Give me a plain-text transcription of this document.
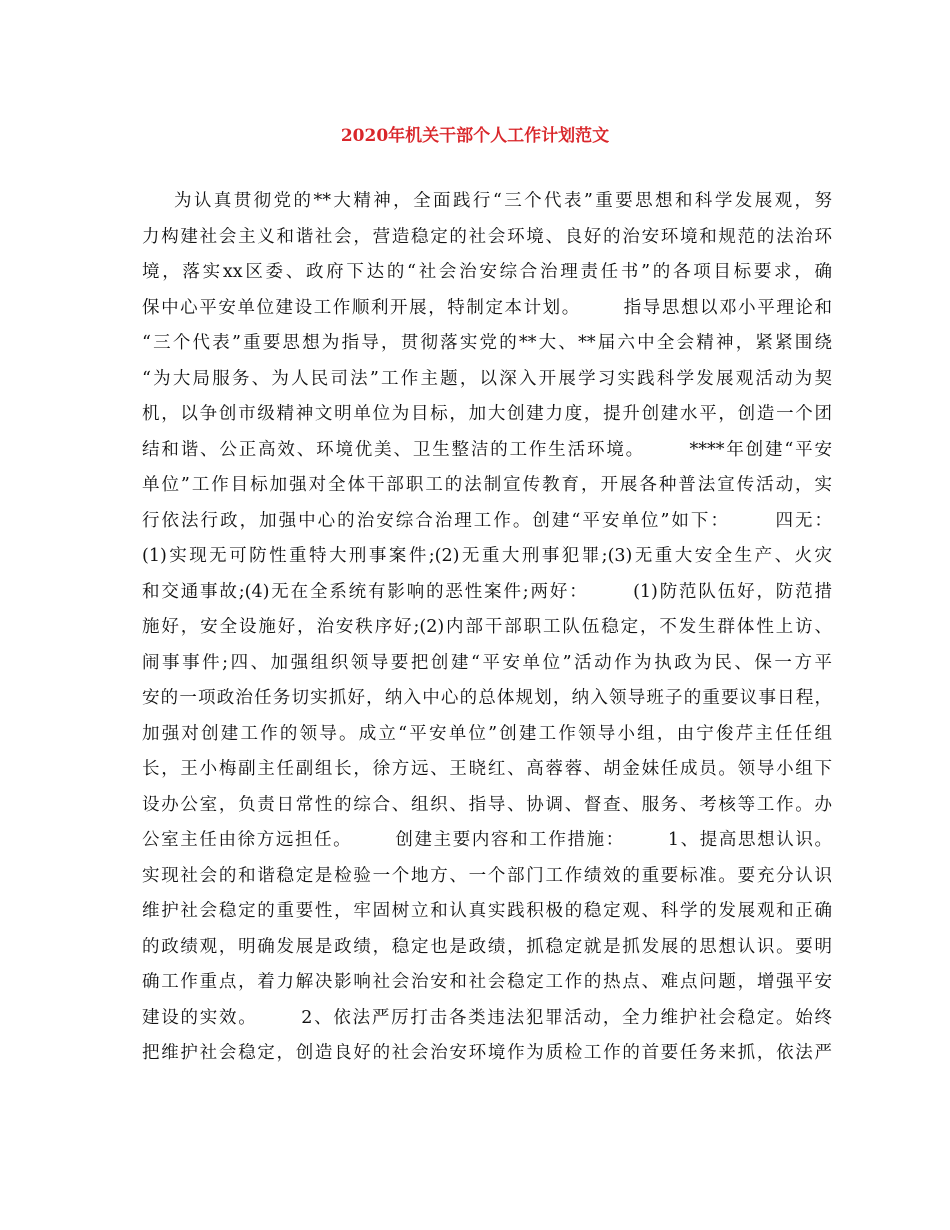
2020年机关干部个人工作计划范文
为认真贯彻党的**大精神，全面践行“三个代表”重要思想和科学发展观，努
力构建社会主义和谐社会，营造稳定的社会环境、良好的治安环境和规范的法治环
境，落实xx区委、政府下达的“社会治安综合治理责任书”的各项目标要求，确
保中心平安单位建设工作顺利开展，特制定本计划。      指导思想以邓小平理论和
“三个代表”重要思想为指导，贯彻落实党的**大、**届六中全会精神，紧紧围绕
“为大局服务、为人民司法”工作主题，以深入开展学习实践科学发展观活动为契
机，以争创市级精神文明单位为目标，加大创建力度，提升创建水平，创造一个团
结和谐、公正高效、环境优美、卫生整洁的工作生活环境。      ****年创建“平安
单位”工作目标加强对全体干部职工的法制宣传教育，开展各种普法宣传活动，实
行依法行政，加强中心的治安综合治理工作。创建“平安单位”如下：      四无：
(1)实现无可防性重特大刑事案件;(2)无重大刑事犯罪;(3)无重大安全生产、火灾
和交通事故;(4)无在全系统有影响的恶性案件;两好：      (1)防范队伍好，防范措
施好，安全设施好，治安秩序好;(2)内部干部职工队伍稳定，不发生群体性上访、
闹事事件;四、加强组织领导要把创建“平安单位”活动作为执政为民、保一方平
安的一项政治任务切实抓好，纳入中心的总体规划，纳入领导班子的重要议事日程，
加强对创建工作的领导。成立“平安单位”创建工作领导小组，由宁俊芹主任任组
长，王小梅副主任副组长，徐方远、王晓红、高蓉蓉、胡金妹任成员。领导小组下
设办公室，负责日常性的综合、组织、指导、协调、督查、服务、考核等工作。办
公室主任由徐方远担任。      创建主要内容和工作措施：      1、提高思想认识。
实现社会的和谐稳定是检验一个地方、一个部门工作绩效的重要标准。要充分认识
维护社会稳定的重要性，牢固树立和认真实践积极的稳定观、科学的发展观和正确
的政绩观，明确发展是政绩，稳定也是政绩，抓稳定就是抓发展的思想认识。要明
确工作重点，着力解决影响社会治安和社会稳定工作的热点、难点问题，增强平安
建设的实效。      2、依法严厉打击各类违法犯罪活动，全力维护社会稳定。始终
把维护社会稳定，创造良好的社会治安环境作为质检工作的首要任务来抓，依法严
